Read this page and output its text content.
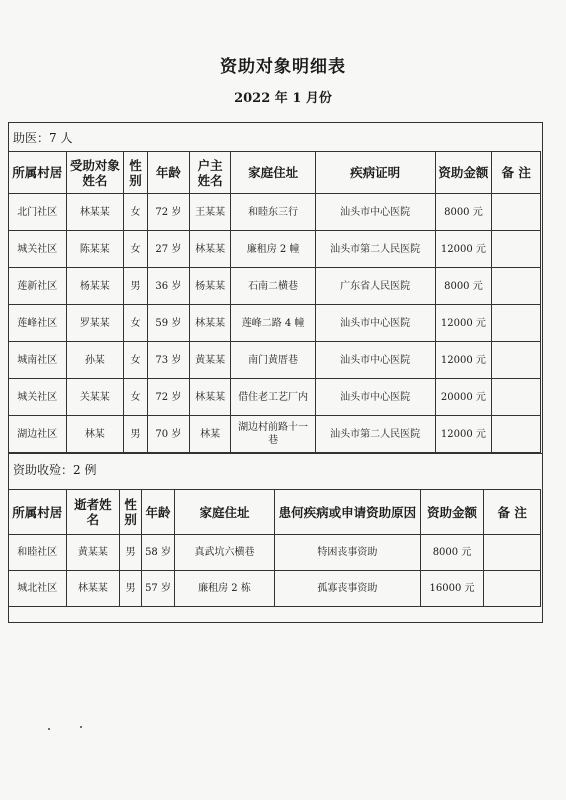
资助对象明细表
2022 年 1 月份
助医：7 人
所属村居	受助对象姓名	性别	年龄	户主姓名	家庭住址	疾病证明	资助金额	备 注
北门社区	林某某	女	72 岁	王某某	和睦东三行	汕头市中心医院	8000 元	
城关社区	陈某某	女	27 岁	林某某	廉租房 2 幢	汕头市第二人民医院	12000 元	
莲新社区	杨某某	男	36 岁	杨某某	石南二横巷	广东省人民医院	8000 元	
莲峰社区	罗某某	女	59 岁	林某某	莲峰二路 4 幢	汕头市中心医院	12000 元	
城南社区	孙某	女	73 岁	黄某某	南门黄厝巷	汕头市中心医院	12000 元	
城关社区	关某某	女	72 岁	林某某	借住老工艺厂内	汕头市中心医院	20000 元	
湖边社区	林某	男	70 岁	林某	湖边村前路十一巷	汕头市第二人民医院	12000 元	
资助收殓：2 例
所属村居	逝者姓名	性别	年龄	家庭住址	患何疾病或申请资助原因	资助金额	备 注
和睦社区	黄某某	男	58 岁	真武坑六横巷	特困丧事资助	8000 元	
城北社区	林某某	男	57 岁	廉租房 2 栋	孤寡丧事资助	16000 元	
